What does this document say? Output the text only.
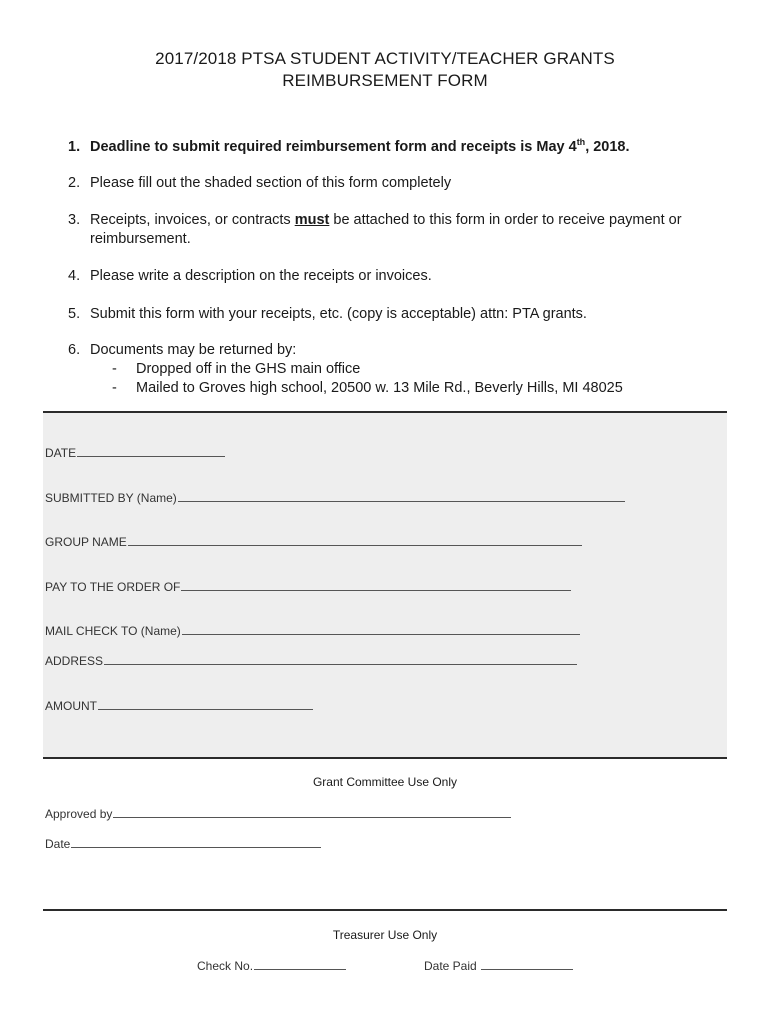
2017/2018 PTSA STUDENT ACTIVITY/TEACHER GRANTS
REIMBURSEMENT FORM
1. Deadline to submit required reimbursement form and receipts is May 4th, 2018.
2. Please fill out the shaded section of this form completely
3. Receipts, invoices, or contracts must be attached to this form in order to receive payment or reimbursement.
4. Please write a description on the receipts or invoices.
5. Submit this form with your receipts, etc. (copy is acceptable) attn: PTA grants.
6. Documents may be returned by:
- Dropped off in the GHS main office
- Mailed to Groves high school, 20500 w. 13 Mile Rd., Beverly Hills, MI 48025
DATE
SUBMITTED BY (Name)
GROUP NAME
PAY TO THE ORDER OF
MAIL CHECK TO (Name)
ADDRESS
AMOUNT
Grant Committee Use Only
Approved by
Date
Treasurer Use Only
Check No.	Date Paid
